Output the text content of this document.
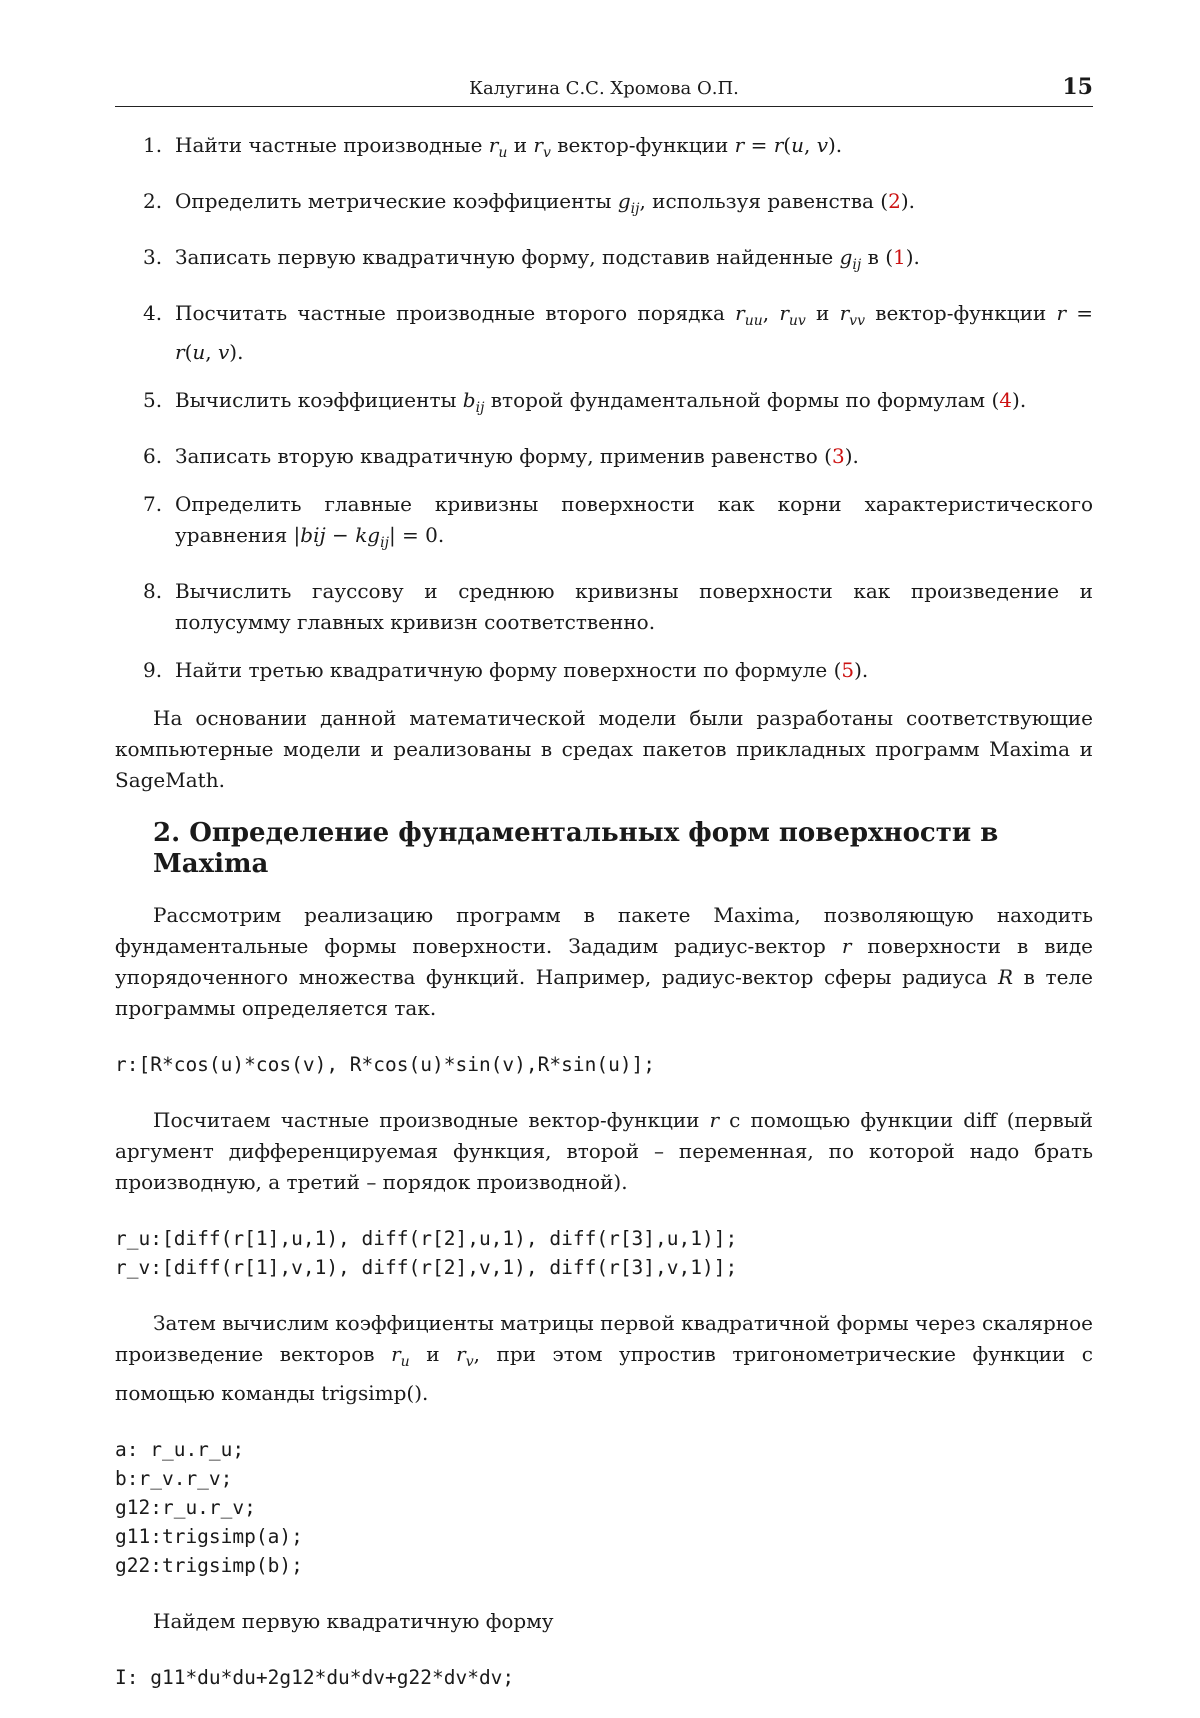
Калугина С.С. Хромова О.П.	15
1. Найти частные производные $r_u$ и $r_v$ вектор-функции r = r(u, v).
2. Определить метрические коэффициенты $g_{ij}$, используя равенства (2).
3. Записать первую квадратичную форму, подставив найденные $g_{ij}$ в (1).
4. Посчитать частные производные второго порядка $r_{uu}$, $r_{uv}$ и $r_{vv}$ вектор-функции r = r(u, v).
5. Вычислить коэффициенты $b_{ij}$ второй фундаментальной формы по формулам (4).
6. Записать вторую квадратичную форму, применив равенство (3).
7. Определить главные кривизны поверхности как корни характеристического уравнения $|bij - kg_{ij}| = 0$.
8. Вычислить гауссову и среднюю кривизны поверхности как произведение и полусумму главных кривизн соответственно.
9. Найти третью квадратичную форму поверхности по формуле (5).

На основании данной математической модели были разработаны соответствующие компьютерные модели и реализованы в средах пакетов прикладных программ Maxima и SageMath.

2. Определение фундаментальных форм поверхности в Maxima

Рассмотрим реализацию программ в пакете Maxima, позволяющую находить фундаментальные формы поверхности. Зададим радиус-вектор r поверхности в виде упорядоченного множества функций. Например, радиус-вектор сферы радиуса R в теле программы определяется так.

r:[R*cos(u)*cos(v), R*cos(u)*sin(v),R*sin(u)];

Посчитаем частные производные вектор-функции r с помощью функции diff (первый аргумент дифференцируемая функция, второй – переменная, по которой надо брать производную, а третий – порядок производной).

r_u:[diff(r[1],u,1), diff(r[2],u,1), diff(r[3],u,1)];
r_v:[diff(r[1],v,1), diff(r[2],v,1), diff(r[3],v,1)];

Затем вычислим коэффициенты матрицы первой квадратичной формы через скалярное произведение векторов $r_u$ и $r_v$, при этом упростив тригонометрические функции с помощью команды trigsimp().

a: r_u.r_u;
b:r_v.r_v;
g12:r_u.r_v;
g11:trigsimp(a);
g22:trigsimp(b);

Найдем первую квадратичную форму

I: g11*du*du+2g12*du*dv+g22*dv*dv;
